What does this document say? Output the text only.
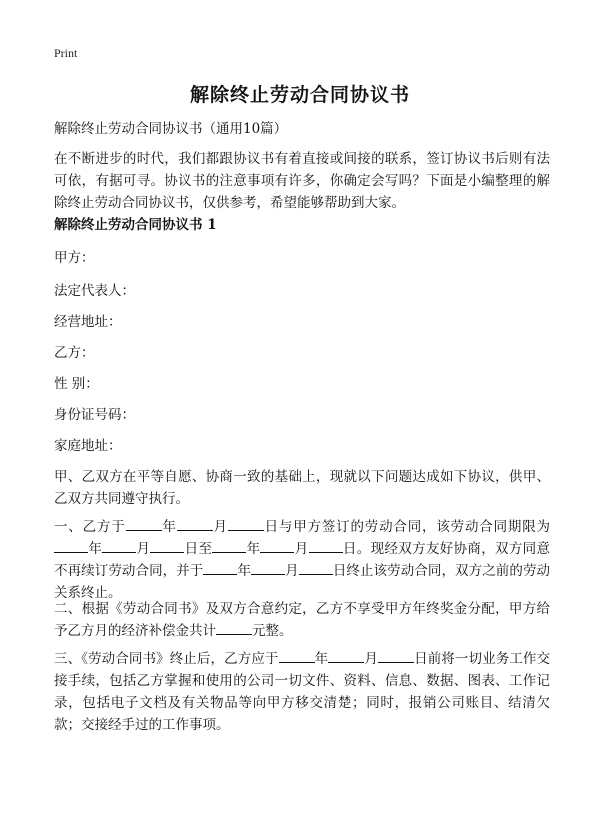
Print
解除终止劳动合同协议书
解除终止劳动合同协议书（通用10篇）
在不断进步的时代，我们都跟协议书有着直接或间接的联系，签订协议书后则有法可依，有据可寻。协议书的注意事项有许多，你确定会写吗？下面是小编整理的解除终止劳动合同协议书，仅供参考，希望能够帮助到大家。
解除终止劳动合同协议书 1
甲方：
法定代表人：
经营地址：
乙方：
性 别：
身份证号码：
家庭地址：
甲、乙双方在平等自愿、协商一致的基础上，现就以下问题达成如下协议，供甲、乙双方共同遵守执行。
一、乙方于	年	月	日与甲方签订的劳动合同，该劳动合同期限为年	月	日至	年	月	日。现经双方友好协商，双方同意不再续订劳动合同，并于	年	月	日终止该劳动合同，双方之前的劳动关系终止。
二、根据《劳动合同书》及双方合意约定，乙方不享受甲方年终奖金分配，甲方给予乙方月的经济补偿金共计	元整。
三、《劳动合同书》终止后，乙方应于	年	月	日前将一切业务工作交接手续，包括乙方掌握和使用的公司一切文件、资料、信息、数据、图表、工作记录，包括电子文档及有关物品等向甲方移交清楚；同时，报销公司账目、结清欠款；交接经手过的工作事项。
